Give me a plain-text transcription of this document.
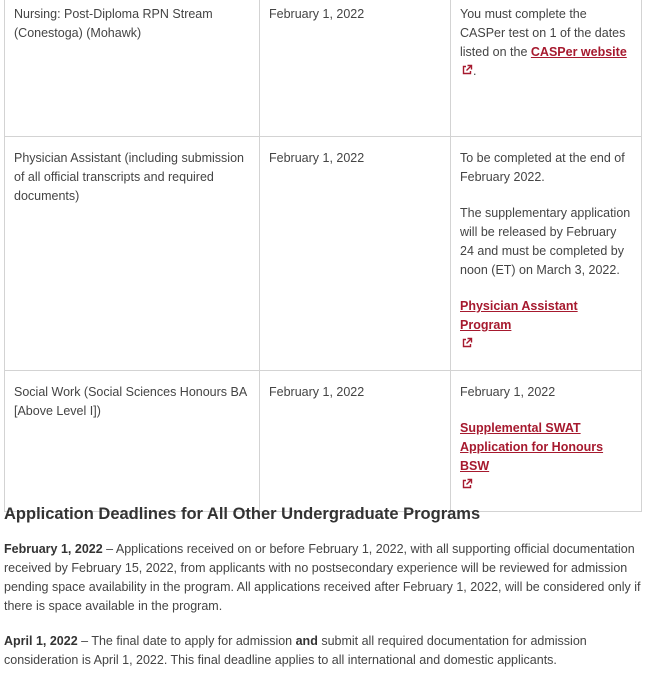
Nursing: Post-Diploma RPN Stream (Conestoga) (Mohawk)	February 1, 2022	You must complete the CASPer test on 1 of the dates listed on the CASPer website
.

Physician Assistant (including submission of all official transcripts and required documents)	February 1, 2022	To be completed at the end of February 2022.

The supplementary application will be released by February 24 and must be completed by noon (ET) on March 3, 2022.

Physician Assistant Program

Social Work (Social Sciences Honours BA [Above Level I])	February 1, 2022	February 1, 2022

Supplemental SWAT Application for Honours BSW

Application Deadlines for All Other Undergraduate Programs

February 1, 2022 – Applications received on or before February 1, 2022, with all supporting official documentation received by February 15, 2022, from applicants with no postsecondary experience will be reviewed for admission pending space availability in the program. All applications received after February 1, 2022, will be considered only if there is space available in the program.

April 1, 2022 – The final date to apply for admission and submit all required documentation for admission consideration is April 1, 2022. This final deadline applies to all international and domestic applicants.
